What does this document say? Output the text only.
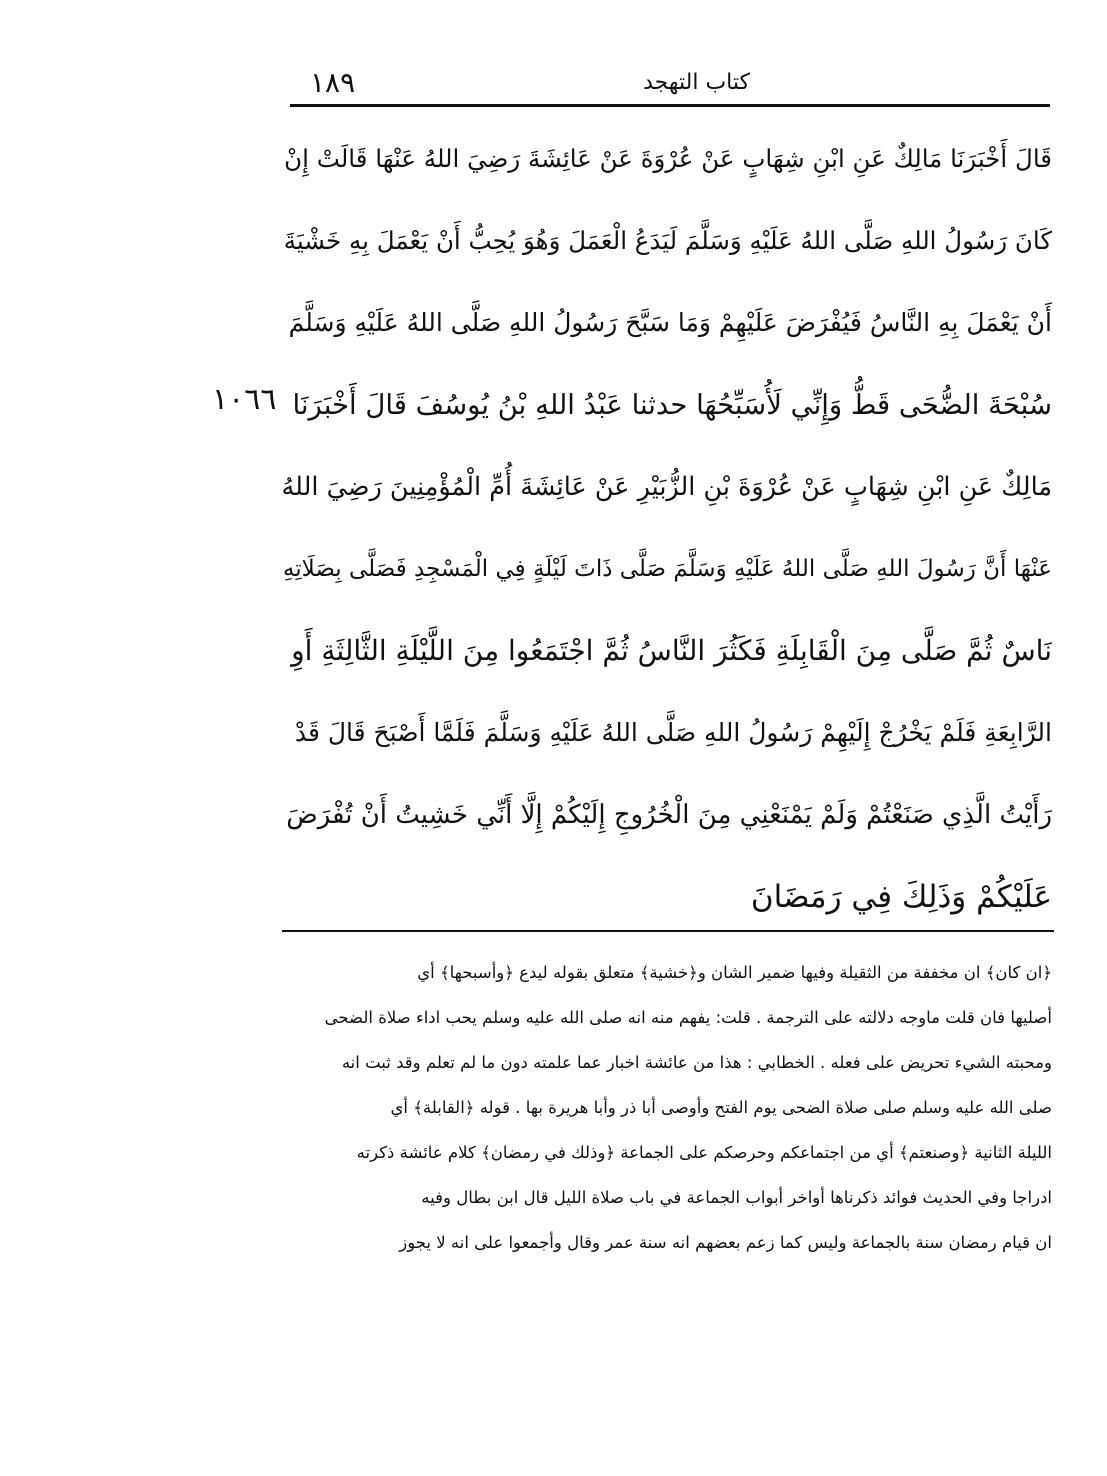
١٨٩	كتاب التهجد
١٠٦٦
قَالَ أَخْبَرَنَا مَالِكٌ عَنِ ابْنِ شِهَابٍ عَنْ عُرْوَةَ عَنْ عَائِشَةَ رَضِيَ اللهُ عَنْهَا قَالَتْ إِنْ
كَانَ رَسُولُ اللهِ صَلَّى اللهُ عَلَيْهِ وَسَلَّمَ لَيَدَعُ الْعَمَلَ وَهُوَ يُحِبُّ أَنْ يَعْمَلَ بِهِ خَشْيَةَ
أَنْ يَعْمَلَ بِهِ النَّاسُ فَيُفْرَضَ عَلَيْهِمْ وَمَا سَبَّحَ رَسُولُ اللهِ صَلَّى اللهُ عَلَيْهِ وَسَلَّمَ
سُبْحَةَ الضُّحَى قَطُّ وَإِنِّي لَأُسَبِّحُهَا حدثنا عَبْدُ اللهِ بْنُ يُوسُفَ قَالَ أَخْبَرَنَا
مَالِكٌ عَنِ ابْنِ شِهَابٍ عَنْ عُرْوَةَ بْنِ الزُّبَيْرِ عَنْ عَائِشَةَ أُمِّ الْمُؤْمِنِينَ رَضِيَ اللهُ
عَنْهَا أَنَّ رَسُولَ اللهِ صَلَّى اللهُ عَلَيْهِ وَسَلَّمَ صَلَّى ذَاتَ لَيْلَةٍ فِي الْمَسْجِدِ فَصَلَّى بِصَلَاتِهِ
نَاسٌ ثُمَّ صَلَّى مِنَ الْقَابِلَةِ فَكَثُرَ النَّاسُ ثُمَّ اجْتَمَعُوا مِنَ اللَّيْلَةِ الثَّالِثَةِ أَوِ
الرَّابِعَةِ فَلَمْ يَخْرُجْ إِلَيْهِمْ رَسُولُ اللهِ صَلَّى اللهُ عَلَيْهِ وَسَلَّمَ فَلَمَّا أَصْبَحَ قَالَ قَدْ
رَأَيْتُ الَّذِي صَنَعْتُمْ وَلَمْ يَمْنَعْنِي مِنَ الْخُرُوجِ إِلَيْكُمْ إِلَّا أَنِّي خَشِيتُ أَنْ تُفْرَضَ
عَلَيْكُمْ وَذَلِكَ فِي رَمَضَانَ
﴿ان كان﴾ ان مخففة من الثقيلة وفيها ضمير الشان و﴿خشية﴾ متعلق بقوله ليدع ﴿وأسبحها﴾ أي
أصليها فان قلت ماوجه دلالته على الترجمة . قلت: يفهم منه انه صلى الله عليه وسلم يحب اداء صلاة الضحى
ومحبته الشيء تحريض على فعله . الخطابي : هذا من عائشة اخبار عما علمته دون ما لم تعلم وقد ثبت انه
صلى الله عليه وسلم صلى صلاة الضحى يوم الفتح وأوصى أبا ذر وأبا هريرة بها . قوله ﴿القابلة﴾ أي
الليلة الثانية ﴿وصنعتم﴾ أي من اجتماعكم وحرصكم على الجماعة ﴿وذلك في رمضان﴾ كلام عائشة ذكرته
ادراجا وفي الحديث فوائد ذكرناها أواخر أبواب الجماعة في باب صلاة الليل قال ابن بطال وفيه
ان قيام رمضان سنة بالجماعة وليس كما زعم بعضهم انه سنة عمر وقال وأجمعوا على انه لا يجوز
